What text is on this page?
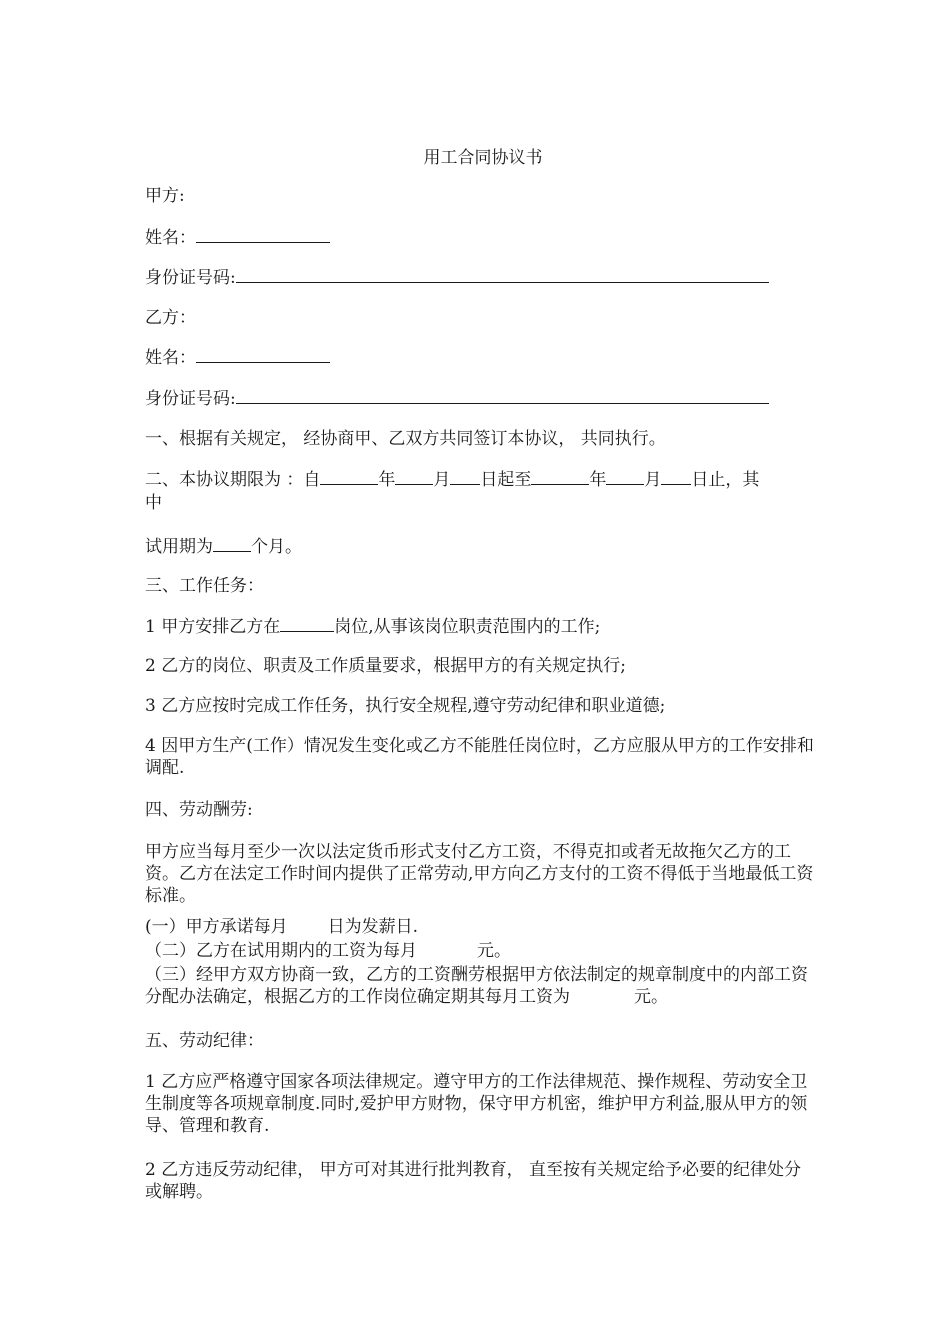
用工合同协议书
甲方:
姓名：
身份证号码:
乙方：
姓名：
身份证号码:
一、根据有关规定， 经协商甲、乙双方共同签订本协议， 共同执行。
二、本协议期限为 ：自	年 月 日起至	年 月 日止，其
中
试用期为 个月。
三、工作任务：
1 甲方安排乙方在	岗位,从事该岗位职责范围内的工作;
2 乙方的岗位、职责及工作质量要求，根据甲方的有关规定执行;
3 乙方应按时完成工作任务，执行安全规程,遵守劳动纪律和职业道德;
4 因甲方生产(工作）情况发生变化或乙方不能胜任岗位时，乙方应服从甲方的工作安排和调配.
四、劳动酬劳:
甲方应当每月至少一次以法定货币形式支付乙方工资，不得克扣或者无故拖欠乙方的工资。乙方在法定工作时间内提供了正常劳动,甲方向乙方支付的工资不得低于当地最低工资标准。
(一）甲方承诺每月 日为发薪日.
（二）乙方在试用期内的工资为每月	元。
（三）经甲方双方协商一致，乙方的工资酬劳根据甲方依法制定的规章制度中的内部工资分配办法确定，根据乙方的工作岗位确定期其每月工资为	元。
五、劳动纪律：
1 乙方应严格遵守国家各项法律规定。遵守甲方的工作法律规范、操作规程、劳动安全卫生制度等各项规章制度.同时,爱护甲方财物，保守甲方机密，维护甲方利益,服从甲方的领导、管理和教育.
2 乙方违反劳动纪律， 甲方可对其进行批判教育， 直至按有关规定给予必要的纪律处分或解聘。
